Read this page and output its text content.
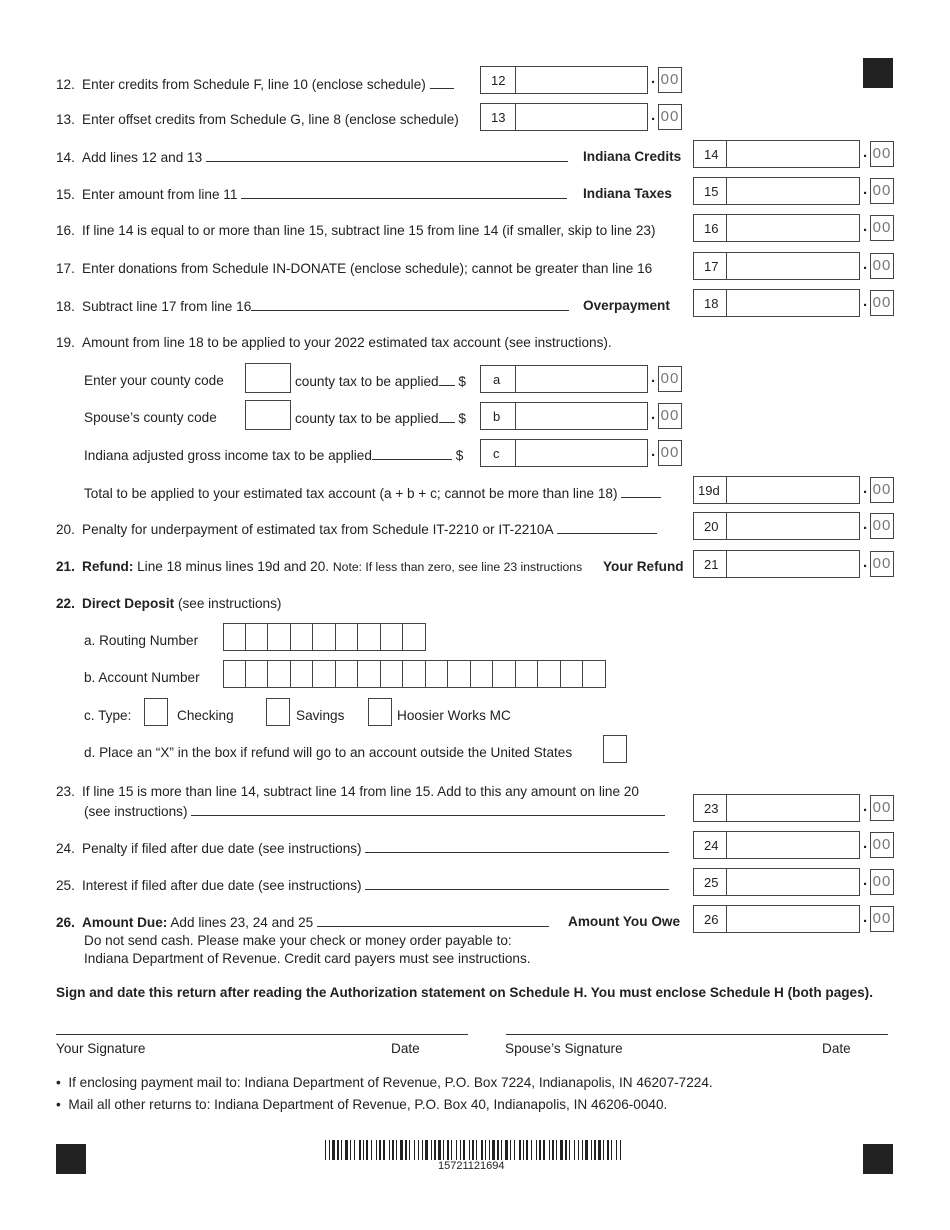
12. Enter credits from Schedule F, line 10 (enclose schedule)	12	. 00
13. Enter offset credits from Schedule G, line 8 (enclose schedule) 13	. 00
14. Add lines 12 and 13	Indiana Credits 14	. 00
15. Enter amount from line 11	Indiana Taxes 15	. 00
16. If line 14 is equal to or more than line 15, subtract line 15 from line 14 (if smaller, skip to line 23)	16	. 00
17. Enter donations from Schedule IN-DONATE (enclose schedule); cannot be greater than line 16	17	. 00
18. Subtract line 17 from line 16	Overpayment	18	. 00
19. Amount from line 18 to be applied to your 2022 estimated tax account (see instructions).
Enter your county code	county tax to be applied $ a	. 00
Spouse’s county code	county tax to be applied $ b	. 00
Indiana adjusted gross income tax to be applied	$ c	. 00
Total to be applied to your estimated tax account (a + b + c; cannot be more than line 18)	19d	. 00
20. Penalty for underpayment of estimated tax from Schedule IT-2210 or IT-2210A	20	. 00
21. Refund: Line 18 minus lines 19d and 20. Note: If less than zero, see line 23 instructions Your Refund 21	. 00
22. Direct Deposit (see instructions)
a. Routing Number
b. Account Number
c. Type:	Checking	Savings	Hoosier Works MC
d. Place an “X” in the box if refund will go to an account outside the United States
23. If line 15 is more than line 14, subtract line 14 from line 15. Add to this any amount on line 20
(see instructions)	23	. 00
24. Penalty if filed after due date (see instructions)	24	. 00
25. Interest if filed after due date (see instructions)	25	. 00
26. Amount Due: Add lines 23, 24 and 25	Amount You Owe 26	. 00
Do not send cash. Please make your check or money order payable to:
Indiana Department of Revenue. Credit card payers must see instructions.
Sign and date this return after reading the Authorization statement on Schedule H. You must enclose Schedule H (both pages).
Your Signature	Date	Spouse’s Signature	Date
• If enclosing payment mail to: Indiana Department of Revenue, P.O. Box 7224, Indianapolis, IN 46207-7224.
• Mail all other returns to: Indiana Department of Revenue, P.O. Box 40, Indianapolis, IN 46206-0040.
15721121694
